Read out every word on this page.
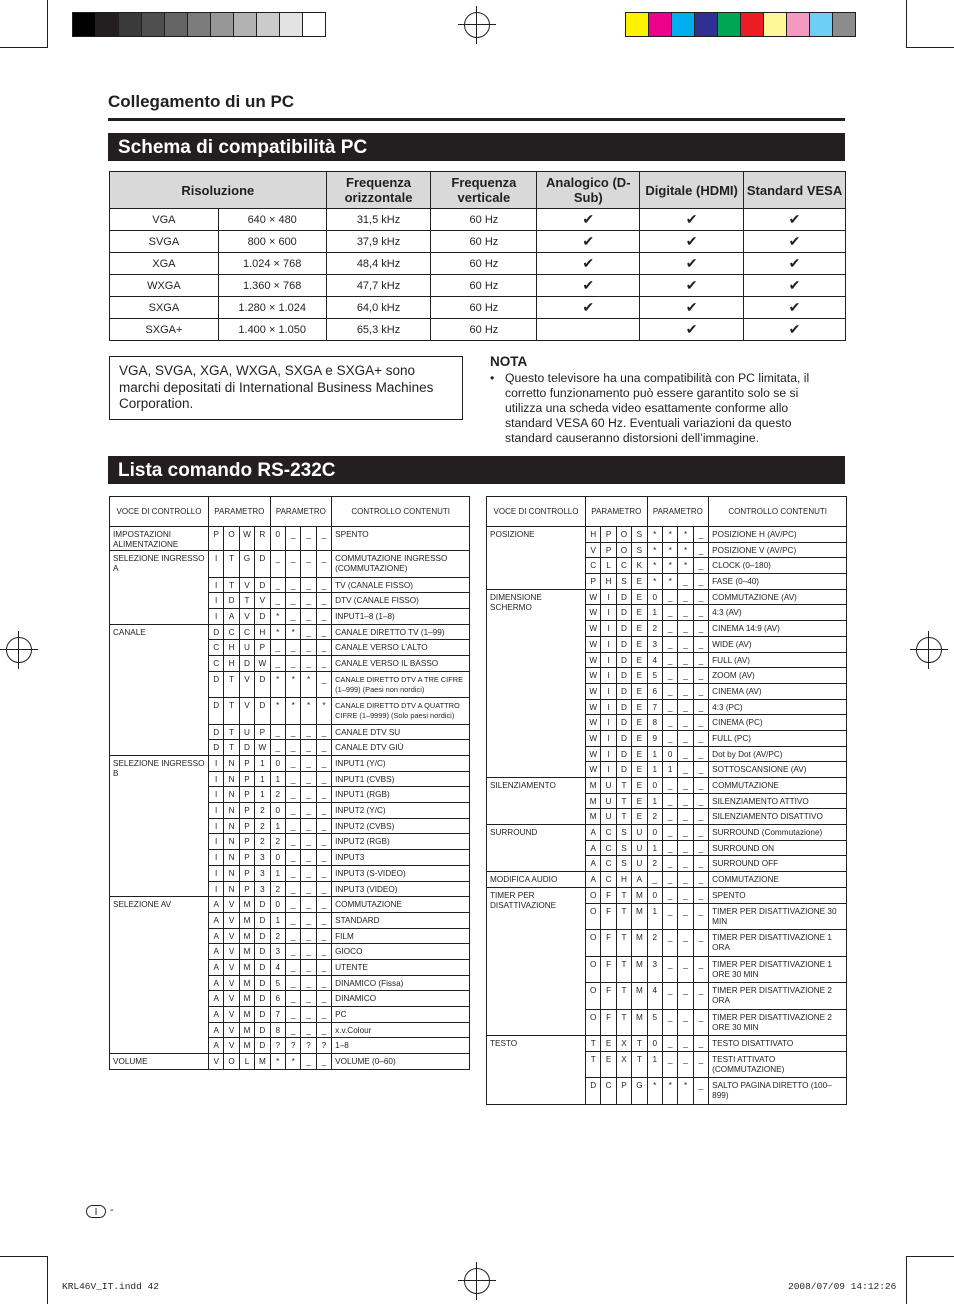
Collegamento di un PC
Schema di compatibilità PC
Risoluzione		Frequenza orizzontale	Frequenza verticale	Analogico (D-Sub)	Digitale (HDMI)	Standard VESA
VGA	640 × 480	31,5 kHz	60 Hz	✔	✔	✔
SVGA	800 × 600	37,9 kHz	60 Hz	✔	✔	✔
XGA	1.024 × 768	48,4 kHz	60 Hz	✔	✔	✔
WXGA	1.360 × 768	47,7 kHz	60 Hz	✔	✔	✔
SXGA	1.280 × 1.024	64,0 kHz	60 Hz	✔	✔	✔
SXGA+	1.400 × 1.050	65,3 kHz	60 Hz		✔	✔
VGA, SVGA, XGA, WXGA, SXGA e SXGA+ sono marchi depositati di International Business Machines Corporation.
NOTA
• Questo televisore ha una compatibilità con PC limitata, il corretto funzionamento può essere garantito solo se si utilizza una scheda video esattamente conforme allo standard VESA 60 Hz. Eventuali variazioni da questo standard causeranno distorsioni dell’immagine.
Lista comando RS-232C
VOCE DI CONTROLLO	PARAMETRO				PARAMETRO				CONTROLLO CONTENUTI
IMPOSTAZIONI ALIMENTAZIONE	P	O	W	R	0	_	_	_	SPENTO
SELEZIONE INGRESSO A	I	T	G	D	_	_	_	_	COMMUTAZIONE INGRESSO (COMMUTAZIONE)
	I	T	V	D	_	_	_	_	TV (CANALE FISSO)
	I	D	T	V	_	_	_	_	DTV (CANALE FISSO)
	I	A	V	D	*	_	_	_	INPUT1–8 (1–8)
CANALE	D	C	C	H	*	*	_	_	CANALE DIRETTO TV (1–99)
	C	H	U	P	_	_	_	_	CANALE VERSO L’ALTO
	C	H	D	W	_	_	_	_	CANALE VERSO IL BASSO
	D	T	V	D	*	*	*	_	CANALE DIRETTO DTV A TRE CIFRE (1–999) (Paesi non nordici)
	D	T	V	D	*	*	*	*	CANALE DIRETTO DTV A QUATTRO CIFRE (1–9999) (Solo paesi nordici)
	D	T	U	P	_	_	_	_	CANALE DTV SU
	D	T	D	W	_	_	_	_	CANALE DTV GIÙ
SELEZIONE INGRESSO B	I	N	P	1	0	_	_	_	INPUT1 (Y/C)
	I	N	P	1	1	_	_	_	INPUT1 (CVBS)
	I	N	P	1	2	_	_	_	INPUT1 (RGB)
	I	N	P	2	0	_	_	_	INPUT2 (Y/C)
	I	N	P	2	1	_	_	_	INPUT2 (CVBS)
	I	N	P	2	2	_	_	_	INPUT2 (RGB)
	I	N	P	3	0	_	_	_	INPUT3
	I	N	P	3	1	_	_	_	INPUT3 (S-VIDEO)
	I	N	P	3	2	_	_	_	INPUT3 (VIDEO)
SELEZIONE AV	A	V	M	D	0	_	_	_	COMMUTAZIONE
	A	V	M	D	1	_	_	_	STANDARD
	A	V	M	D	2	_	_	_	FILM
	A	V	M	D	3	_	_	_	GIOCO
	A	V	M	D	4	_	_	_	UTENTE
	A	V	M	D	5	_	_	_	DINAMICO (Fissa)
	A	V	M	D	6	_	_	_	DINAMICO
	A	V	M	D	7	_	_	_	PC
	A	V	M	D	8	_	_	_	x.v.Colour
	A	V	M	D	?	?	?	?	1–8
VOLUME	V	O	L	M	*	*	_	_	VOLUME (0–60)
VOCE DI CONTROLLO	PARAMETRO				PARAMETRO				CONTROLLO CONTENUTI
POSIZIONE	H	P	O	S	*	*	*	_	POSIZIONE H (AV/PC)
	V	P	O	S	*	*	*	_	POSIZIONE V (AV/PC)
	C	L	C	K	*	*	*	_	CLOCK (0–180)
	P	H	S	E	*	*	_	_	FASE (0–40)
DIMENSIONE SCHERMO	W	I	D	E	0	_	_	_	COMMUTAZIONE (AV)
	W	I	D	E	1	_	_	_	4:3 (AV)
	W	I	D	E	2	_	_	_	CINEMA 14:9 (AV)
	W	I	D	E	3	_	_	_	WIDE (AV)
	W	I	D	E	4	_	_	_	FULL (AV)
	W	I	D	E	5	_	_	_	ZOOM (AV)
	W	I	D	E	6	_	_	_	CINEMA (AV)
	W	I	D	E	7	_	_	_	4:3 (PC)
	W	I	D	E	8	_	_	_	CINEMA (PC)
	W	I	D	E	9	_	_	_	FULL (PC)
	W	I	D	E	1	0	_	_	Dot by Dot (AV/PC)
	W	I	D	E	1	1	_	_	SOTTOSCANSIONE (AV)
SILENZIAMENTO	M	U	T	E	0	_	_	_	COMMUTAZIONE
	M	U	T	E	1	_	_	_	SILENZIAMENTO ATTIVO
	M	U	T	E	2	_	_	_	SILENZIAMENTO DISATTIVO
SURROUND	A	C	S	U	0	_	_	_	SURROUND (Commutazione)
	A	C	S	U	1	_	_	_	SURROUND ON
	A	C	S	U	2	_	_	_	SURROUND OFF
MODIFICA AUDIO	A	C	H	A	_	_	_	_	COMMUTAZIONE
TIMER PER DISATTIVAZIONE	O	F	T	M	0	_	_	_	SPENTO
	O	F	T	M	1	_	_	_	TIMER PER DISATTIVAZIONE 30 MIN
	O	F	T	M	2	_	_	_	TIMER PER DISATTIVAZIONE 1 ORA
	O	F	T	M	3	_	_	_	TIMER PER DISATTIVAZIONE 1 ORE 30 MIN
	O	F	T	M	4	_	_	_	TIMER PER DISATTIVAZIONE 2 ORA
	O	F	T	M	5	_	_	_	TIMER PER DISATTIVAZIONE 2 ORE 30 MIN
TESTO	T	E	X	T	0	_	_	_	TESTO DISATTIVATO
	T	E	X	T	1	_	_	_	TESTI ATTIVATO (COMMUTAZIONE)
	D	C	P	G	*	*	*	_	SALTO PAGINA DIRETTO (100–899)
I	-
KRL46V_IT.indd 42	2008/07/09 14:12:26
